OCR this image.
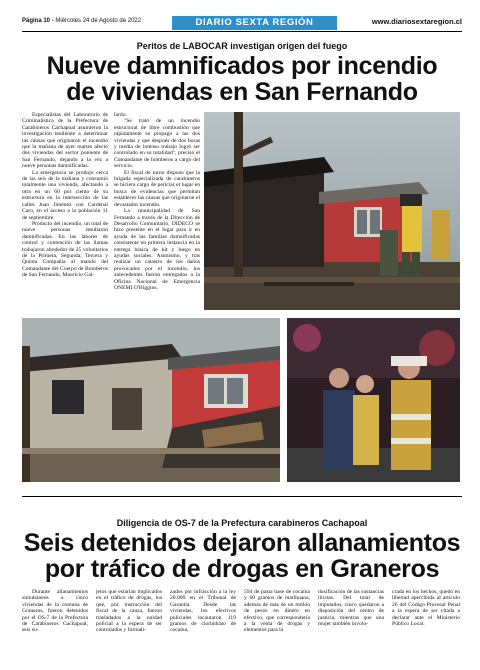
Página 10 - Miércoles 24 de Agosto de 2022	DIARIO SEXTA REGIÓN	www.diariosextaregion.cl
Peritos de LABOCAR investigan origen del fuego
Nueve damnificados por incendio
de viviendas en San Fernando

Especialistas del Laboratorio de Criminalística de la Prefectura de Carabineros Cachapoal asumieron la investigación tendiente a determinar las causas que originaron el incendio que la mañana de ayer martes afectó dos viviendas del sector poniente de San Fernando, dejando a la vez a nueve personas damnificadas.

La emergencia se produjo cerca de las seis de la mañana y consumió totalmente una vivienda, afectando a otra en un 60 por ciento de su estructura en la intersección de las calles Juan Jiménez con Cardenal Caro, en el acceso a la población 11 de septiembre.

Producto del incendio, un total de nueve personas resultaron damnificadas. En las labores de control y contención de las llamas trabajaron alrededor de 25 voluntarios de la Primera, Segunda, Tercera y Quinta Compañía al mando del Comandante del Cuerpo de Bomberos de San Fernando, Mauricio Gal-

lardo.

"Se trató de un incendio estructural de libre combustión que rápidamente se propagó a las dos viviendas y que después de dos horas y media de intenso trabajo logró ser controlado en su totalidad", precisó el Comandante de bomberos a cargo del servicio.

El fiscal de turno dispuso que la brigada especializada de carabineros se hiciera cargo de periciar el lugar en busca de evidencias que permitan establecer las causas que originaron el devastador incendio.

La municipalidad de San Fernando a través de la Dirección de Desarrollo Comunitario, DIDECO se hizo presente en el lugar para ir en ayuda de las familias damnificadas consistente en primera instancia en la entrega básica de kit y luego en ayudas sociales. Asimismo, y tras realizar un catastro de los daños provocados por el incendio, los antecedentes fueron entregados a la Oficina Nacional de Emergencia ONEMI O'Higgins.

Diligencia de OS-7 de la Prefectura carabineros Cachapoal
Seis detenidos dejaron allanamientos
por tráfico de drogas en Graneros

Durante allanamientos simultáneos a cinco viviendas de la comuna de Graneros, fueron detenidos por el OS-7 de la Prefectura de Carabineros Cachapoal, seis su-

jetos que estarían implicados en el tráfico de drogas, los que, por instrucción del fiscal de la causa, fueron trasladados a la unidad policial a la espera de ser controlados y formali-

zados por infracción a la ley 20.000 en el Tribunal de Garantía. Desde las viviendas, los efectivos policiales incautaron 119 gramos de clorhidrato de cocaína,

594 de pasta base de cocaína y 60 gramos de marihuana, además de más de un millón de pesos en dinero en efectivo, que correspondería a la venta de drogas y elementos para la

dosificación de las sustancias ilícitas. Del total de imputados, cinco quedaron a disposición del centro de justicia, mientras que una mujer también involu-

crada en los hechos, quedó en libertad apercibida al artículo 26 del Código Procesal Penal a la espera de ser citada a declarar ante el Ministerio Público Local.
